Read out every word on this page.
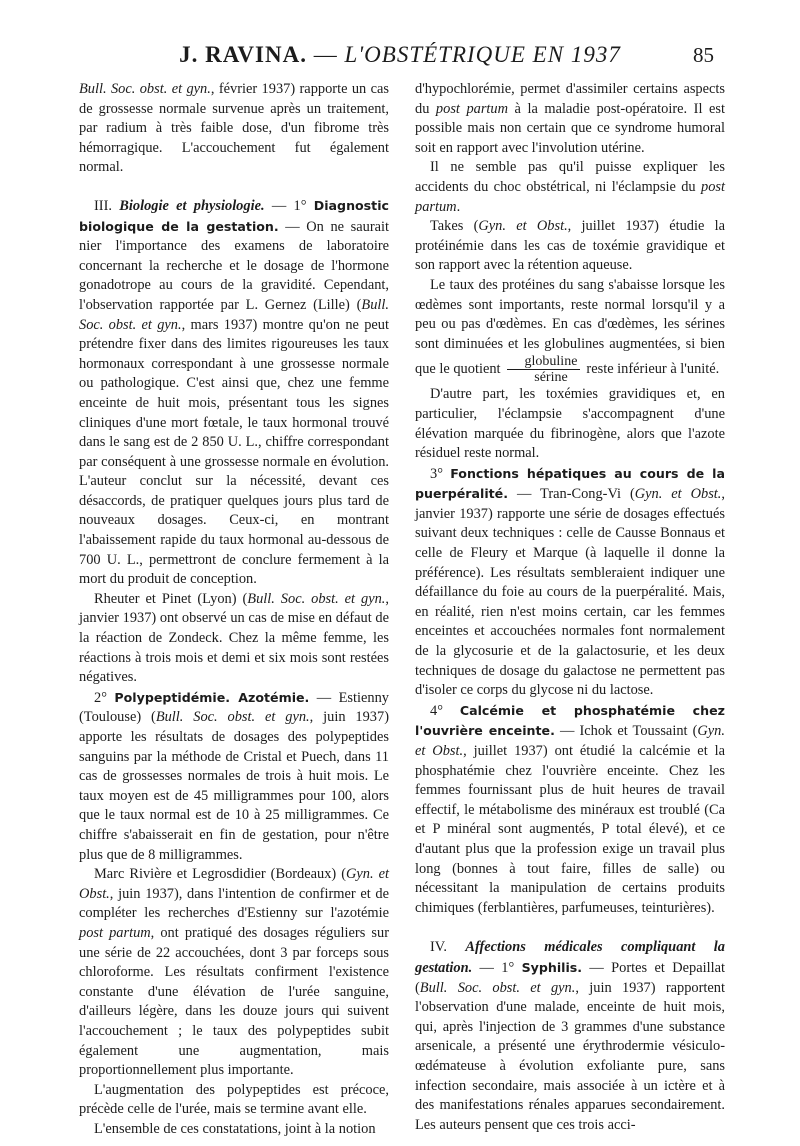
J. RAVINA. — L'OBSTÉTRIQUE EN 1937	85

Bull. Soc. obst. et gyn., février 1937) rapporte un cas de grossesse normale survenue après un traitement, par radium à très faible dose, d'un fibrome très hémorragique. L'accouchement fut également normal.

III. Biologie et physiologie. — 1° Diagnostic biologique de la gestation. — On ne saurait nier l'importance des examens de laboratoire concernant la recherche et le dosage de l'hormone gonadotrope au cours de la gravidité. Cependant, l'observation rapportée par L. Gernez (Lille) (Bull. Soc. obst. et gyn., mars 1937) montre qu'on ne peut prétendre fixer dans des limites rigoureuses les taux hormonaux correspondant à une grossesse normale ou pathologique. C'est ainsi que, chez une femme enceinte de huit mois, présentant tous les signes cliniques d'une mort fœtale, le taux hormonal trouvé dans le sang est de 2 850 U. L., chiffre correspondant par conséquent à une grossesse normale en évolution. L'auteur conclut sur la nécessité, devant ces désaccords, de pratiquer quelques jours plus tard de nouveaux dosages. Ceux-ci, en montrant l'abaissement rapide du taux hormonal au-dessous de 700 U. L., permettront de conclure fermement à la mort du produit de conception.

Rheuter et Pinet (Lyon) (Bull. Soc. obst. et gyn., janvier 1937) ont observé un cas de mise en défaut de la réaction de Zondeck. Chez la même femme, les réactions à trois mois et demi et six mois sont restées négatives.

2° Polypeptidémie. Azotémie. — Estienny (Toulouse) (Bull. Soc. obst. et gyn., juin 1937) apporte les résultats de dosages des polypeptides sanguins par la méthode de Cristal et Puech, dans 11 cas de grossesses normales de trois à huit mois. Le taux moyen est de 45 milligrammes pour 100, alors que le taux normal est de 10 à 25 milligrammes. Ce chiffre s'abaisserait en fin de gestation, pour n'être plus que de 8 milligrammes.

Marc Rivière et Legrosdidier (Bordeaux) (Gyn. et Obst., juin 1937), dans l'intention de confirmer et de compléter les recherches d'Estienny sur l'azotémie post partum, ont pratiqué des dosages réguliers sur une série de 22 accouchées, dont 3 par forceps sous chloroforme. Les résultats confirment l'existence constante d'une élévation de l'urée sanguine, d'ailleurs légère, dans les douze jours qui suivent l'accouchement ; le taux des polypeptides subit également une augmentation, mais proportionnellement plus importante.

L'augmentation des polypeptides est précoce, précède celle de l'urée, mais se termine avant elle.

L'ensemble de ces constatations, joint à la notion

d'hypochlorémie, permet d'assimiler certains aspects du post partum à la maladie post-opératoire. Il est possible mais non certain que ce syndrome humoral soit en rapport avec l'involution utérine.

Il ne semble pas qu'il puisse expliquer les accidents du choc obstétrical, ni l'éclampsie du post partum.

Takes (Gyn. et Obst., juillet 1937) étudie la protéinémie dans les cas de toxémie gravidique et son rapport avec la rétention aqueuse.

Le taux des protéines du sang s'abaisse lorsque les œdèmes sont importants, reste normal lorsqu'il y a peu ou pas d'œdèmes. En cas d'œdèmes, les sérines sont diminuées et les globulines augmentées, si bien que le quotient $\frac{\text{globuline}}{\text{sérine}}$ reste inférieur à l'unité.

D'autre part, les toxémies gravidiques et, en particulier, l'éclampsie s'accompagnent d'une élévation marquée du fibrinogène, alors que l'azote résiduel reste normal.

3° Fonctions hépatiques au cours de la puerpéralité. — Tran-Cong-Vi (Gyn. et Obst., janvier 1937) rapporte une série de dosages effectués suivant deux techniques : celle de Causse Bonnaus et celle de Fleury et Marque (à laquelle il donne la préférence). Les résultats sembleraient indiquer une défaillance du foie au cours de la puerpéralité. Mais, en réalité, rien n'est moins certain, car les femmes enceintes et accouchées normales font normalement de la glycosurie et de la galactosurie, et les deux techniques de dosage du galactose ne permettent pas d'isoler ce corps du glycose ni du lactose.

4° Calcémie et phosphatémie chez l'ouvrière enceinte. — Ichok et Toussaint (Gyn. et Obst., juillet 1937) ont étudié la calcémie et la phosphatémie chez l'ouvrière enceinte. Chez les femmes fournissant plus de huit heures de travail effectif, le métabolisme des minéraux est troublé (Ca et P minéral sont augmentés, P total élevé), et ce d'autant plus que la profession exige un travail plus long (bonnes à tout faire, filles de salle) ou nécessitant la manipulation de certains produits chimiques (ferblantières, parfumeuses, teinturières).

IV. Affections médicales compliquant la gestation. — 1° Syphilis. — Portes et Depaillat (Bull. Soc. obst. et gyn., juin 1937) rapportent l'observation d'une malade, enceinte de huit mois, qui, après l'injection de 3 grammes d'une substance arsenicale, a présenté une érythrodermie vésiculo-œdémateuse à évolution exfoliante pure, sans infection secondaire, mais associée à un ictère et à des manifestations rénales apparues secondairement. Les auteurs pensent que ces trois acci-
